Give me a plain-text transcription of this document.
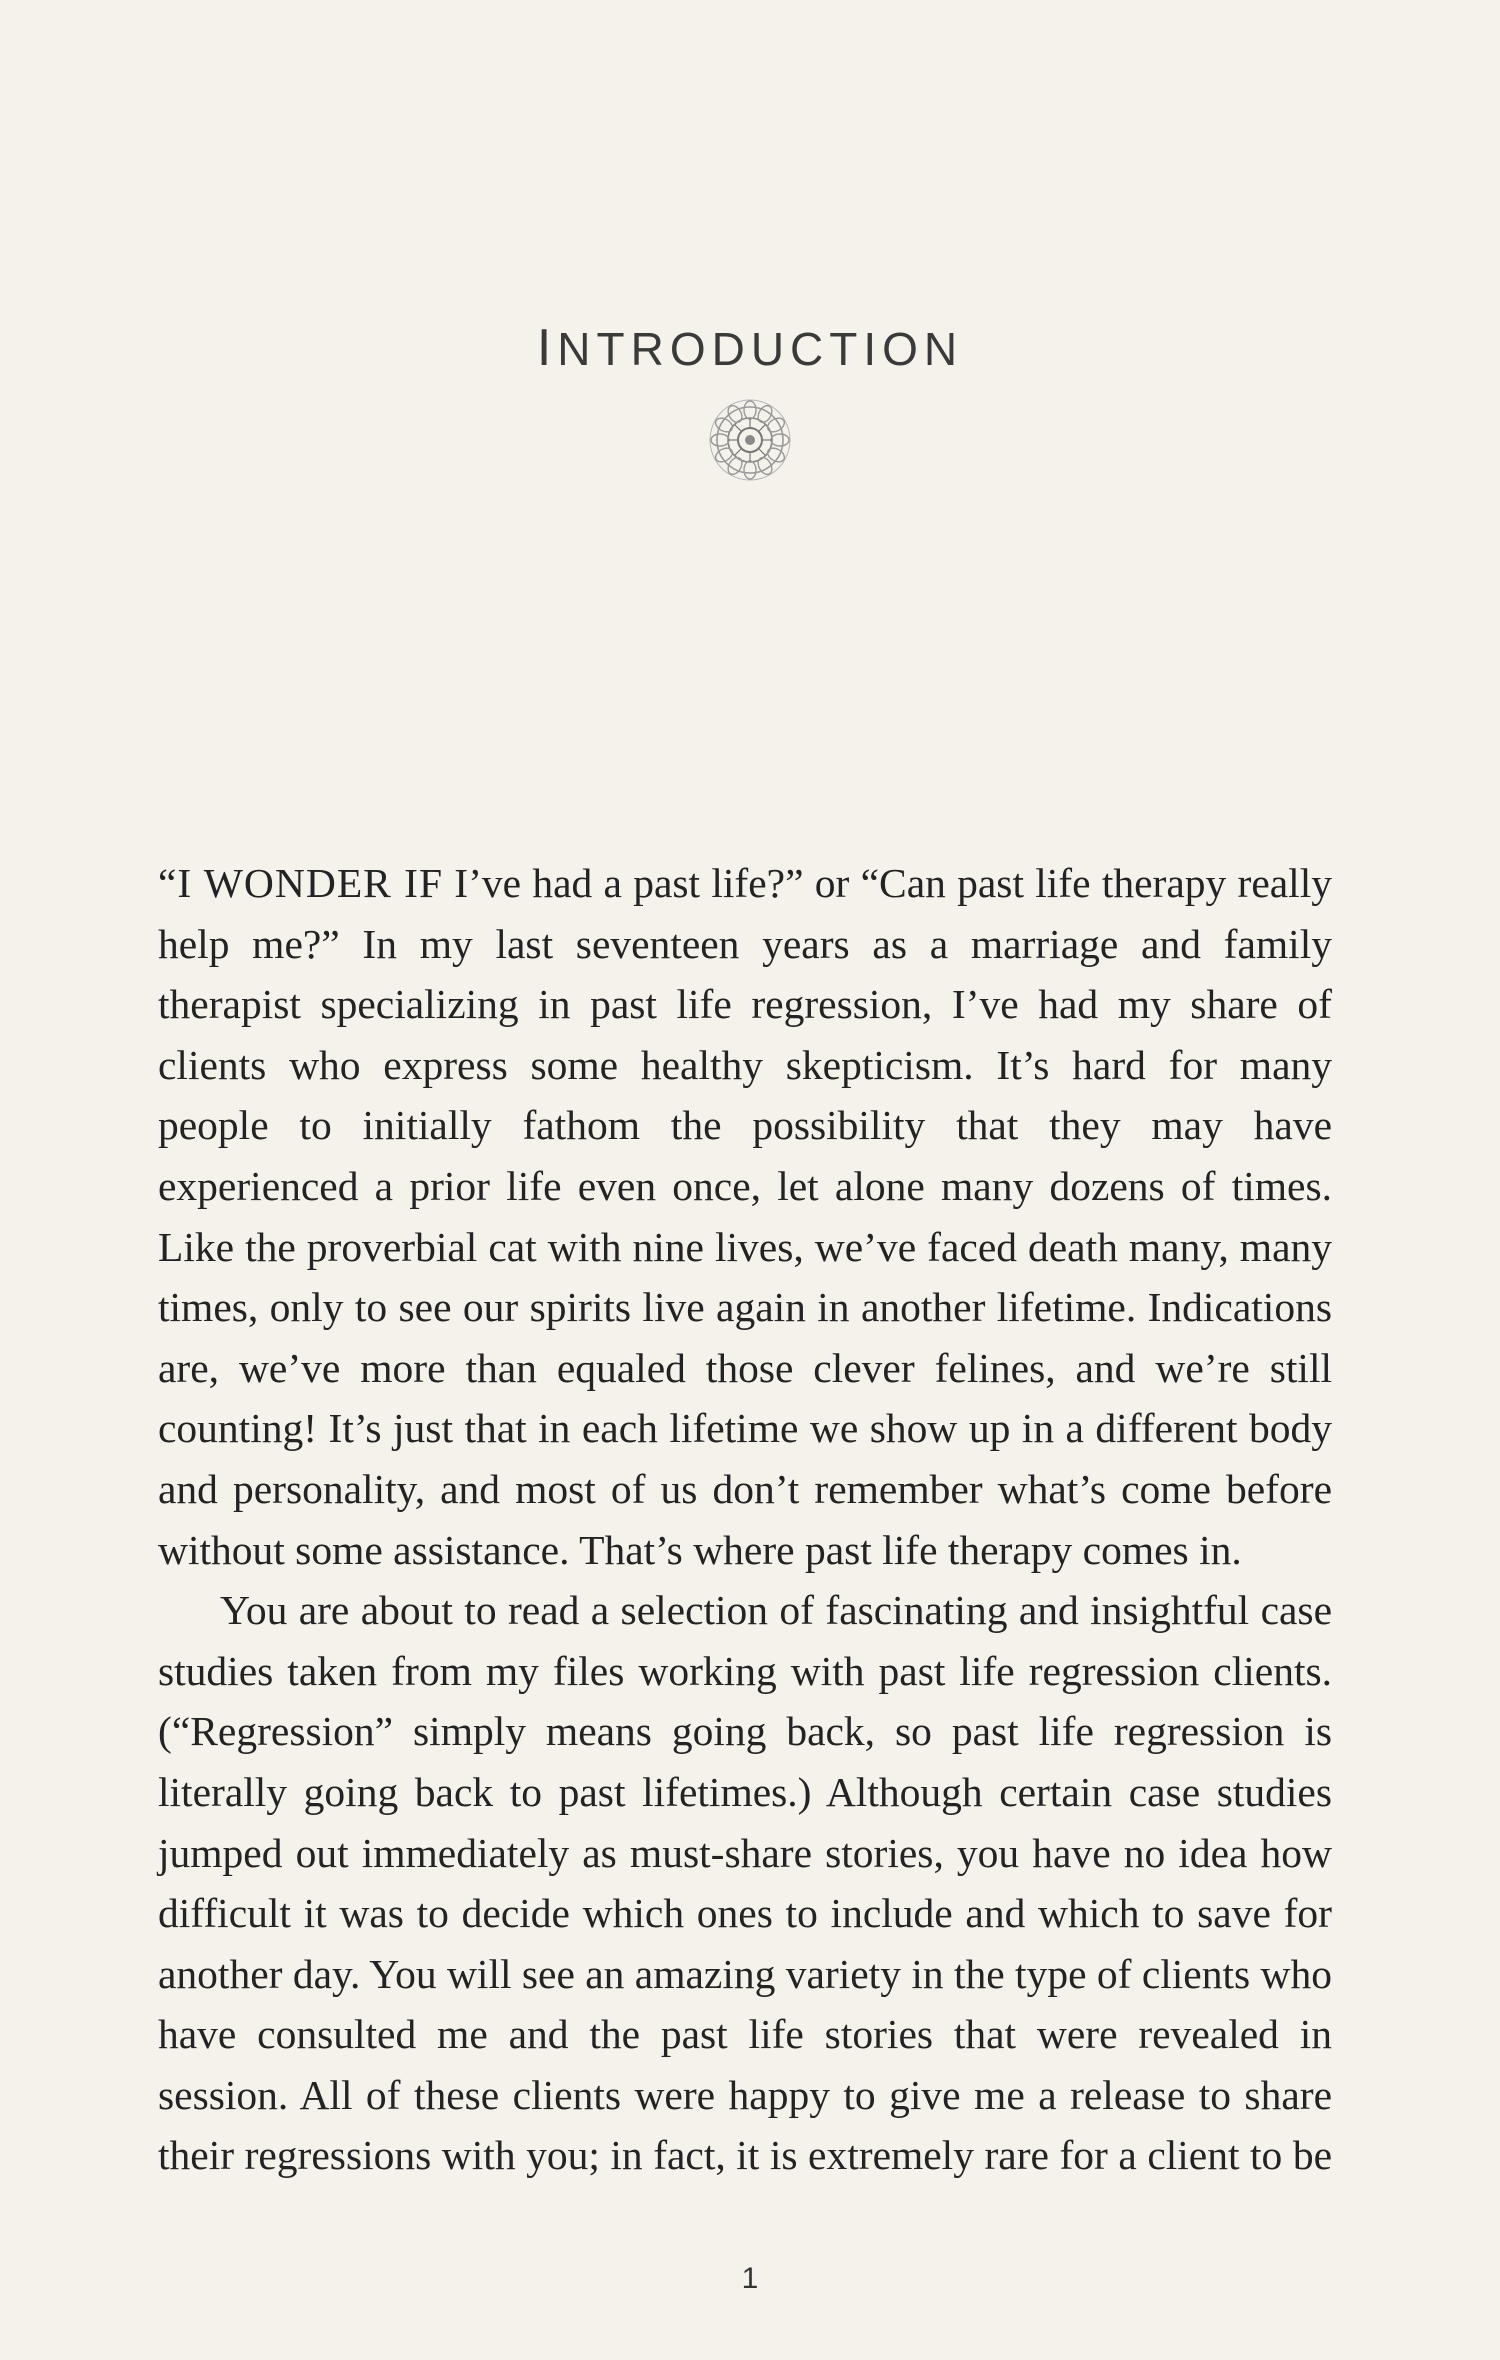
INTRODUCTION

“I WONDER IF I’ve had a past life?” or “Can past life therapy really help me?” In my last seventeen years as a marriage and family therapist specializing in past life regression, I’ve had my share of clients who express some healthy skepticism. It’s hard for many people to initially fathom the possibility that they may have experienced a prior life even once, let alone many dozens of times. Like the proverbial cat with nine lives, we’ve faced death many, many times, only to see our spirits live again in another lifetime. Indications are, we’ve more than equaled those clever felines, and we’re still counting! It’s just that in each lifetime we show up in a different body and personality, and most of us don’t remember what’s come before without some assistance. That’s where past life therapy comes in.

You are about to read a selection of fascinating and insightful case studies taken from my files working with past life regression clients. (“Regression” simply means going back, so past life regression is literally going back to past lifetimes.) Although certain case studies jumped out immediately as must-share stories, you have no idea how difficult it was to decide which ones to include and which to save for another day. You will see an amazing variety in the type of clients who have consulted me and the past life stories that were revealed in session. All of these clients were happy to give me a release to share their regressions with you; in fact, it is extremely rare for a client to be

1
